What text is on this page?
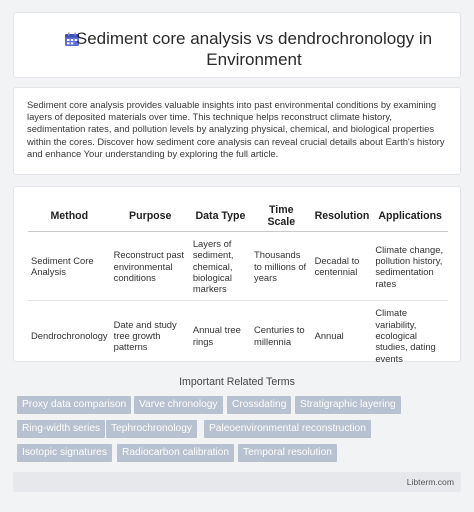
Sediment core analysis vs dendrochronology in
Environment

Sediment core analysis provides valuable insights into past environmental conditions by examining layers of deposited materials over time. This technique helps reconstruct climate history, sedimentation rates, and pollution levels by analyzing physical, chemical, and biological properties within the cores. Discover how sediment core analysis can reveal crucial details about Earth's history and enhance Your understanding by exploring the full article.

Method	Purpose	Data Type	Time Scale	Resolution	Applications
Sediment Core Analysis	Reconstruct past environmental conditions	Layers of sediment, chemical, biological markers	Thousands to millions of years	Decadal to centennial	Climate change, pollution history, sedimentation rates
Dendrochronology	Date and study tree growth patterns	Annual tree rings	Centuries to millennia	Annual	Climate variability, ecological studies, dating events
Important Related Terms
Proxy data comparison	Varve chronology	Crossdating	Stratigraphic layering
Ring-width series	Tephrochronology	Paleoenvironmental reconstruction
Isotopic signatures	Radiocarbon calibration	Temporal resolution
Libterm.com
